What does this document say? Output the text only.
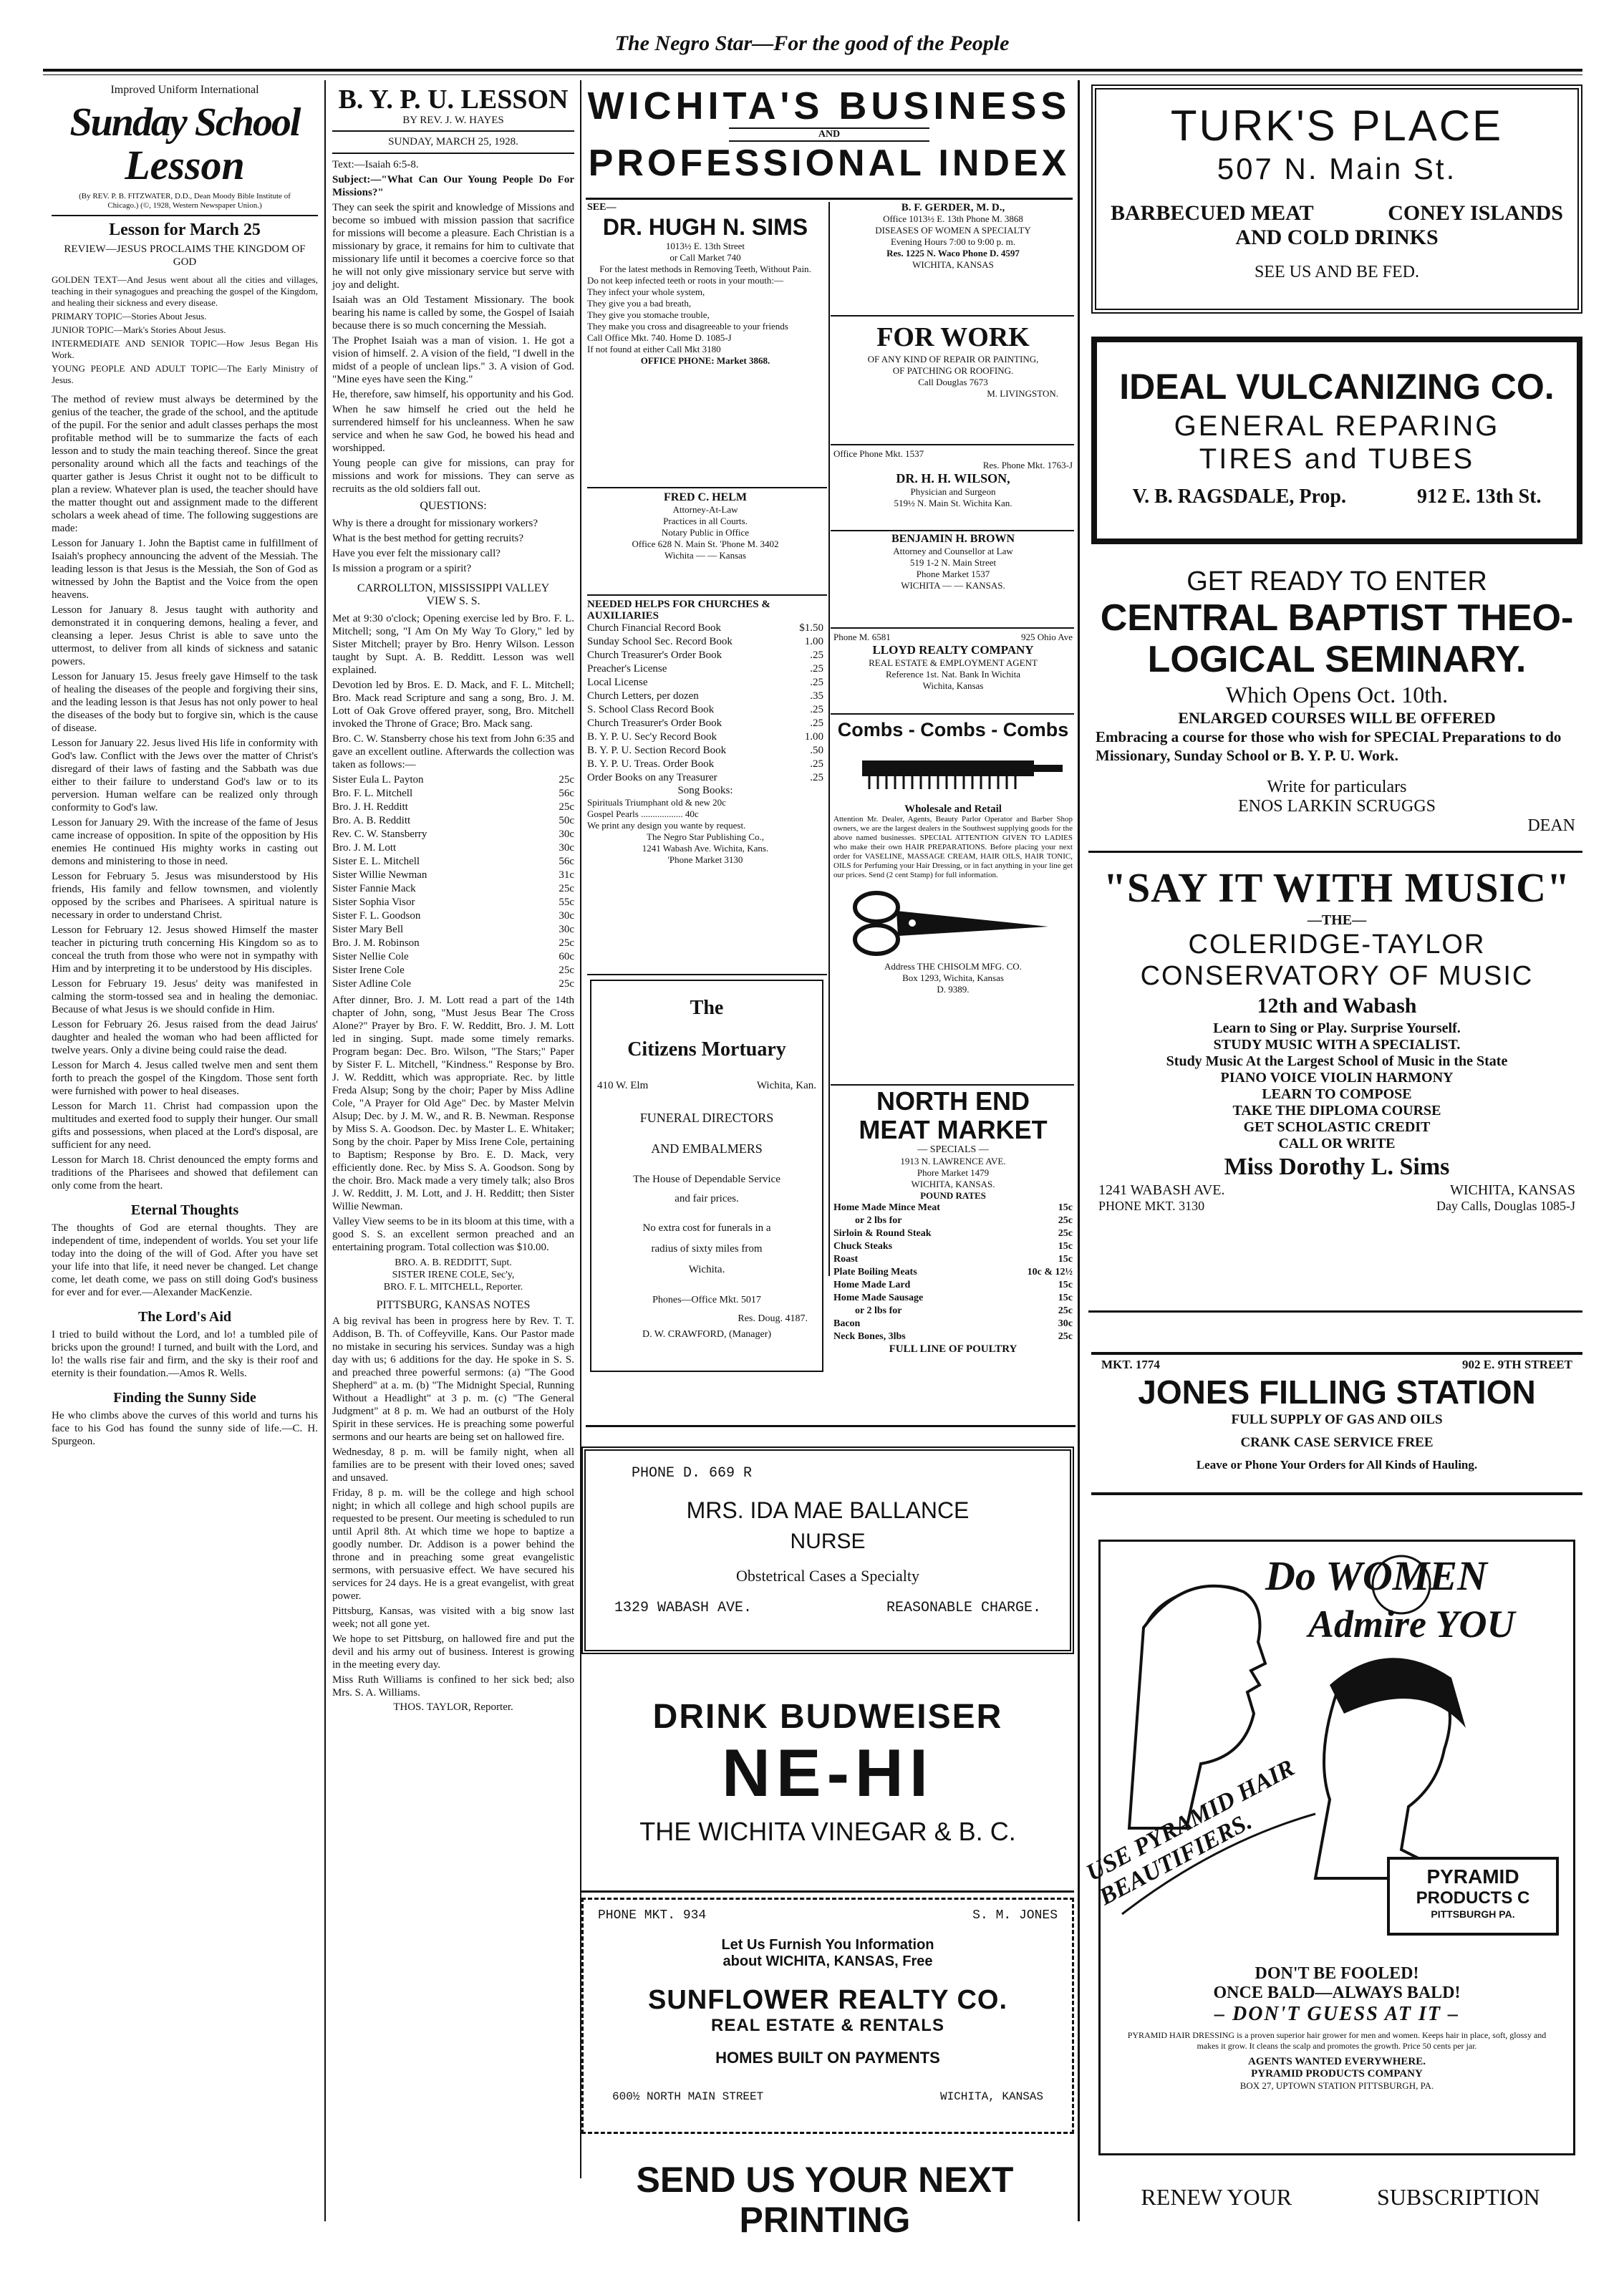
The Negro Star—For the good of the People
Improved Uniform International
Sunday School
Lesson
(By REV. P. B. FITZWATER, D.D., Dean Moody Bible Institute of Chicago.) (©, 1928, Western Newspaper Union.)
Lesson for March 25
REVIEW—JESUS PROCLAIMS THE KINGDOM OF GOD

GOLDEN TEXT—And Jesus went about all the cities and villages, teaching in their synagogues and preaching the gospel of the Kingdom, and healing their sickness and every disease.

PRIMARY TOPIC—Stories About Jesus.

JUNIOR TOPIC—Mark's Stories About Jesus.

INTERMEDIATE AND SENIOR TOPIC—How Jesus Began His Work.

YOUNG PEOPLE AND ADULT TOPIC—The Early Ministry of Jesus.

The method of review must always be determined by the genius of the teacher, the grade of the school, and the aptitude of the pupil. For the senior and adult classes perhaps the most profitable method will be to summarize the facts of each lesson and to study the main teaching thereof. Since the great personality around which all the facts and teachings of the quarter gather is Jesus Christ it ought not to be difficult to plan a review. Whatever plan is used, the teacher should have the matter thought out and assignment made to the different scholars a week ahead of time. The following suggestions are made:

Lesson for January 1. John the Baptist came in fulfillment of Isaiah's prophecy announcing the advent of the Messiah. The leading lesson is that Jesus is the Messiah, the Son of God as witnessed by John the Baptist and the Voice from the open heavens.

Lesson for January 8. Jesus taught with authority and demonstrated it in conquering demons, healing a fever, and cleansing a leper. Jesus Christ is able to save unto the uttermost, to deliver from all kinds of sickness and satanic powers.

Lesson for January 15. Jesus freely gave Himself to the task of healing the diseases of the people and forgiving their sins, and the leading lesson is that Jesus has not only power to heal the diseases of the body but to forgive sin, which is the cause of disease.

Lesson for January 22. Jesus lived His life in conformity with God's law. Conflict with the Jews over the matter of Christ's disregard of their laws of fasting and the Sabbath was due either to their failure to understand God's law or to its perversion. Human welfare can be realized only through conformity to God's law.

Lesson for January 29. With the increase of the fame of Jesus came increase of opposition. In spite of the opposition by His enemies He continued His mighty works in casting out demons and ministering to those in need.

Lesson for February 5. Jesus was misunderstood by His friends, His family and fellow townsmen, and violently opposed by the scribes and Pharisees. A spiritual nature is necessary in order to understand Christ.

Lesson for February 12. Jesus showed Himself the master teacher in picturing truth concerning His Kingdom so as to conceal the truth from those who were not in sympathy with Him and by interpreting it to be understood by His disciples.

Lesson for February 19. Jesus' deity was manifested in calming the storm-tossed sea and in healing the demoniac. Because of what Jesus is we should confide in Him.

Lesson for February 26. Jesus raised from the dead Jairus' daughter and healed the woman who had been afflicted for twelve years. Only a divine being could raise the dead.

Lesson for March 4. Jesus called twelve men and sent them forth to preach the gospel of the Kingdom. Those sent forth were furnished with power to heal diseases.

Lesson for March 11. Christ had compassion upon the multitudes and exerted food to supply their hunger. Our small gifts and possessions, when placed at the Lord's disposal, are sufficient for any need.

Lesson for March 18. Christ denounced the empty forms and traditions of the Pharisees and showed that defilement can only come from the heart.

Eternal Thoughts

The thoughts of God are eternal thoughts. They are independent of time, independent of worlds. You set your life today into the doing of the will of God. After you have set your life into that life, it need never be changed. Let change come, let death come, we pass on still doing God's business for ever and for ever.—Alexander MacKenzie.

The Lord's Aid

I tried to build without the Lord, and lo! a tumbled pile of bricks upon the ground! I turned, and built with the Lord, and lo! the walls rise fair and firm, and the sky is their roof and eternity is their foundation.—Amos R. Wells.

Finding the Sunny Side

He who climbs above the curves of this world and turns his face to his God has found the sunny side of life.—C. H. Spurgeon.

B. Y. P. U. LESSON
BY REV. J. W. HAYES
SUNDAY, MARCH 25, 1928.

Text:—Isaiah 6:5-8.

Subject:—"What Can Our Young People Do For Missions?"

They can seek the spirit and knowledge of Missions and become so imbued with mission passion that sacrifice for missions will become a pleasure. Each Christian is a missionary by grace, it remains for him to cultivate that missionary life until it becomes a coercive force so that he will not only give missionary service but serve with joy and delight.

Isaiah was an Old Testament Missionary. The book bearing his name is called by some, the Gospel of Isaiah because there is so much concerning the Messiah.

The Prophet Isaiah was a man of vision. 1. He got a vision of himself. 2. A vision of the field, "I dwell in the midst of a people of unclean lips." 3. A vision of God. "Mine eyes have seen the King."

He, therefore, saw himself, his opportunity and his God.

When he saw himself he cried out the held he surrendered himself for his uncleanness. When he saw service and when he saw God, he bowed his head and worshipped.

Young people can give for missions, can pray for missions and work for missions. They can serve as recruits as the old soldiers fall out.

QUESTIONS:

Why is there a drought for missionary workers?

What is the best method for getting recruits?

Have you ever felt the missionary call?

Is mission a program or a spirit?

CARROLLTON, MISSISSIPPI VALLEY VIEW S. S.

Met at 9:30 o'clock; Opening exercise led by Bro. F. L. Mitchell; song, "I Am On My Way To Glory," led by Sister Mitchell; prayer by Bro. Henry Wilson. Lesson taught by Supt. A. B. Redditt. Lesson was well explained.

Devotion led by Bros. E. D. Mack, and F. L. Mitchell; Bro. Mack read Scripture and sang a song, Bro. J. M. Lott of Oak Grove offered prayer, song, Bro. Mitchell invoked the Throne of Grace; Bro. Mack sang.

Bro. C. W. Stansberry chose his text from John 6:35 and gave an excellent outline. Afterwards the collection was taken as follows:—

Sister Eula L. Payton	25c
Bro. F. L. Mitchell	56c
Bro. J. H. Redditt	25c
Bro. A. B. Redditt	50c
Rev. C. W. Stansberry	30c
Bro. J. M. Lott	30c
Sister E. L. Mitchell	56c
Sister Willie Newman	31c
Sister Fannie Mack	25c
Sister Sophia Visor	55c
Sister F. L. Goodson	30c
Sister Mary Bell	30c
Bro. J. M. Robinson	25c
Sister Nellie Cole	60c
Sister Irene Cole	25c
Sister Adline Cole	25c

After dinner, Bro. J. M. Lott read a part of the 14th chapter of John, song, "Must Jesus Bear The Cross Alone?" Prayer by Bro. F. W. Redditt, Bro. J. M. Lott led in singing. Supt. made some timely remarks. Program began: Dec. Bro. Wilson, "The Stars;" Paper by Sister F. L. Mitchell, "Kindness." Response by Bro. J. W. Redditt, which was appropriate. Rec. by little Freda Alsup; Song by the choir; Paper by Miss Adline Cole, "A Prayer for Old Age" Dec. by Master Melvin Alsup; Dec. by J. M. W., and R. B. Newman. Response by Miss S. A. Goodson. Dec. by Master L. E. Whitaker; Song by the choir. Paper by Miss Irene Cole, pertaining to Baptism; Response by Bro. E. D. Mack, very efficiently done. Rec. by Miss S. A. Goodson. Song by the choir. Bro. Mack made a very timely talk; also Bros J. W. Redditt, J. M. Lott, and J. H. Redditt; then Sister Willie Newman.

Valley View seems to be in its bloom at this time, with a good S. S. an excellent sermon preached and an entertaining program. Total collection was $10.00.

BRO. A. B. REDDITT, Supt.
SISTER IRENE COLE, Sec'y,
BRO. F. L. MITCHELL, Reporter.
PITTSBURG, KANSAS NOTES

A big revival has been in progress here by Rev. T. T. Addison, B. Th. of Coffeyville, Kans. Our Pastor made no mistake in securing his services. Sunday was a high day with us; 6 additions for the day. He spoke in S. S. and preached three powerful sermons: (a) "The Good Shepherd" at a. m. (b) "The Midnight Special, Running Without a Headlight" at 3 p. m. (c) "The General Judgment" at 8 p. m. We had an outburst of the Holy Spirit in these services. He is preaching some powerful sermons and our hearts are being set on hallowed fire.

Wednesday, 8 p. m. will be family night, when all families are to be present with their loved ones; saved and unsaved.

Friday, 8 p. m. will be the college and high school night; in which all college and high school pupils are requested to be present. Our meeting is scheduled to run until April 8th. At which time we hope to baptize a goodly number. Dr. Addison is a power behind the throne and in preaching some great evangelistic sermons, with persuasive effect. We have secured his services for 24 days. He is a great evangelist, with great power.

Pittsburg, Kansas, was visited with a big snow last week; not all gone yet.

We hope to set Pittsburg, on hallowed fire and put the devil and his army out of business. Interest is growing in the meeting every day.

Miss Ruth Williams is confined to her sick bed; also Mrs. S. A. Williams.

THOS. TAYLOR, Reporter.
WICHITA'S BUSINESS
AND
PROFESSIONAL INDEX
SEE—
DR. HUGH N. SIMS
1013½ E. 13th Street
or Call Market 740
For the latest methods in Removing Teeth, Without Pain.
Do not keep infected teeth or roots in your mouth:—
They infect your whole system,
They give you a bad breath,
They give you stomache trouble,
They make you cross and disagreeable to your friends
Call Office Mkt. 740. Home D. 1085-J
If not found at either Call Mkt 3180
OFFICE PHONE: Market 3868.
FRED C. HELM
Attorney-At-Law
Practices in all Courts.
Notary Public in Office
Office 628 N. Main St. 'Phone M. 3402
Wichita — — Kansas
NEEDED HELPS FOR CHURCHES & AUXILIARIES
Church Financial Record Book	$1.50
Sunday School Sec. Record Book	1.00
Church Treasurer's Order Book	.25
Preacher's License	.25
Local License	.25
Church Letters, per dozen	.35
S. School Class Record Book	.25
Church Treasurer's Order Book	.25
B. Y. P. U. Sec'y Record Book	1.00
B. Y. P. U. Section Record Book	.50
B. Y. P. U. Treas. Order Book	.25
Order Books on any Treasurer	.25
Song Books:
Spirituals Triumphant old & new 20c
Gospel Pearls .................. 40c
We print any design you wante by request.
The Negro Star Publishing Co.,
1241 Wabash Ave. Wichita, Kans.
'Phone Market 3130
The
Citizens Mortuary
410 W. Elm	Wichita, Kan.
FUNERAL DIRECTORS
AND EMBALMERS
The House of Dependable Service
and fair prices.
No extra cost for funerals in a
radius of sixty miles from
Wichita.
Phones—Office Mkt. 5017
Res. Doug. 4187.
D. W. CRAWFORD, (Manager)
B. F. GERDER, M. D.,
Office 1013½ E. 13th Phone M. 3868
DISEASES OF WOMEN A SPECIALTY
Evening Hours 7:00 to 9:00 p. m.
Res. 1225 N. Waco Phone D. 4597
WICHITA, KANSAS
FOR WORK
OF ANY KIND OF REPAIR OR PAINTING,
OF PATCHING OR ROOFING.
Call Douglas 7673
M. LIVINGSTON.
Office Phone Mkt. 1537
Res. Phone Mkt. 1763-J
DR. H. H. WILSON,
Physician and Surgeon
519½ N. Main St. Wichita Kan.
BENJAMIN H. BROWN
Attorney and Counsellor at Law
519 1-2 N. Main Street
Phone Market 1537
WICHITA — — KANSAS.
Phone M. 6581	925 Ohio Ave
LLOYD REALTY COMPANY
REAL ESTATE & EMPLOYMENT AGENT
Reference 1st. Nat. Bank In Wichita
Wichita, Kansas
Combs - Combs - Combs
Wholesale and Retail

Attention Mr. Dealer, Agents, Beauty Parlor Operator and Barber Shop owners, we are the largest dealers in the Southwest supplying goods for the above named businesses. SPECIAL ATTENTION GIVEN TO LADIES who make their own HAIR PREPARATIONS. Before placing your next order for VASELINE, MASSAGE CREAM, HAIR OILS, HAIR TONIC, OILS for Perfuming your Hair Dressing, or in fact anything in your line get our prices. Send (2 cent Stamp) for full information.

Address THE CHISOLM MFG. CO.
Box 1293, Wichita, Kansas
D. 9389.
NORTH END
MEAT MARKET
— SPECIALS —
1913 N. LAWRENCE AVE.
Phore Market 1479
WICHITA, KANSAS.
POUND RATES
Home Made Mince Meat	15c
or 2 lbs for	25c
Sirloin & Round Steak	25c
Chuck Steaks	15c
Roast	15c
Plate Boiling Meats	10c & 12½
Home Made Lard	15c
Home Made Sausage	15c
or 2 lbs for	25c
Bacon	30c
Neck Bones, 3lbs	25c
FULL LINE OF POULTRY
PHONE D. 669 R
MRS. IDA MAE BALLANCE
NURSE
Obstetrical Cases a Specialty
1329 WABASH AVE.	REASONABLE CHARGE.
DRINK BUDWEISER
NE-HI
THE WICHITA VINEGAR & B. C.
PHONE MKT. 934	S. M. JONES
Let Us Furnish You Information
about WICHITA, KANSAS, Free
SUNFLOWER REALTY CO.
REAL ESTATE & RENTALS
HOMES BUILT ON PAYMENTS
600½ NORTH MAIN STREET	WICHITA, KANSAS
SEND US YOUR NEXT PRINTING
TURK'S PLACE
507 N. Main St.
BARBECUED MEAT	CONEY ISLANDS
AND COLD DRINKS
SEE US AND BE FED.
IDEAL VULCANIZING CO.
GENERAL REPARING
TIRES and TUBES
V. B. RAGSDALE, Prop.	912 E. 13th St.
GET READY TO ENTER
CENTRAL BAPTIST THEO-
LOGICAL SEMINARY.
Which Opens Oct. 10th.
ENLARGED COURSES WILL BE OFFERED
Embracing a course for those who wish for SPECIAL Preparations to do Missionary, Sunday School or B. Y. P. U. Work.
Write for particulars
ENOS LARKIN SCRUGGS
DEAN
"SAY IT WITH MUSIC"
—THE—
COLERIDGE-TAYLOR
CONSERVATORY OF MUSIC
12th and Wabash
Learn to Sing or Play. Surprise Yourself.
STUDY MUSIC WITH A SPECIALIST.
Study Music At the Largest School of Music in the State
PIANO VOICE VIOLIN HARMONY
LEARN TO COMPOSE
TAKE THE DIPLOMA COURSE
GET SCHOLASTIC CREDIT
CALL OR WRITE
Miss Dorothy L. Sims
1241 WABASH AVE.	WICHITA, KANSAS
PHONE MKT. 3130	Day Calls, Douglas 1085-J
MKT. 1774	902 E. 9TH STREET
JONES FILLING STATION
FULL SUPPLY OF GAS AND OILS
CRANK CASE SERVICE FREE
Leave or Phone Your Orders for All Kinds of Hauling.
Do WOMEN
Admire YOU
USE PYRAMID HAIR BEAUTIFIERS.	PYRAMID
PRODUCTS C
PITTSBURGH PA.
DON'T BE FOOLED!
ONCE BALD—ALWAYS BALD!
– DON'T GUESS AT IT –
PYRAMID HAIR DRESSING is a proven superior hair grower for men and women. Keeps hair in place, soft, glossy and makes it grow. It cleans the scalp and promotes the growth. Price 50 cents per jar.
AGENTS WANTED EVERYWHERE.
PYRAMID PRODUCTS COMPANY
BOX 27, UPTOWN STATION PITTSBURGH, PA.
RENEW YOUR	SUBSCRIPTION
